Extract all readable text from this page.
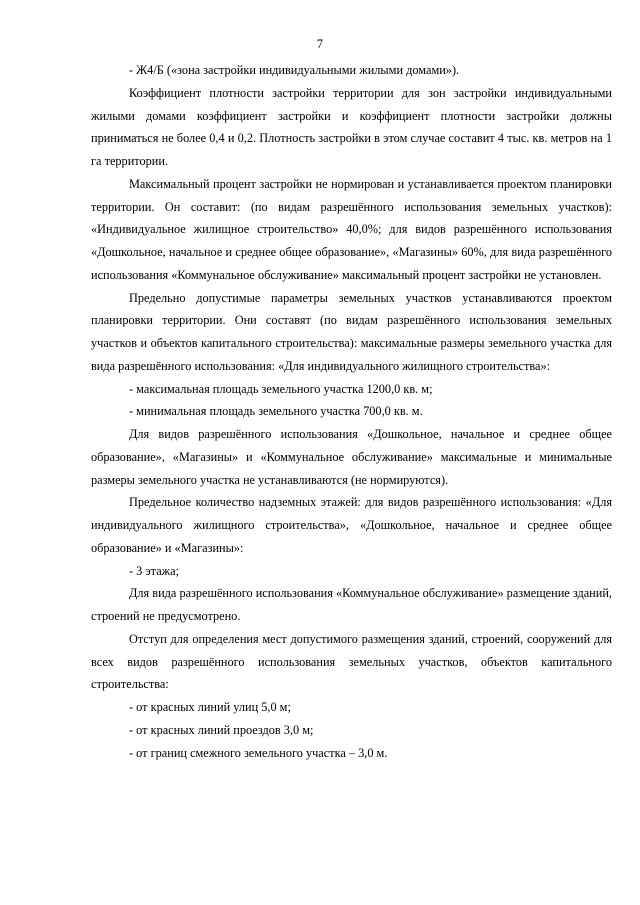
7

- Ж4/Б («зона застройки индивидуальными жилыми домами»).

Коэффициент плотности застройки территории для зон застройки индивидуальными жилыми домами коэффициент застройки и коэффициент плотности застройки должны приниматься не более 0,4 и 0,2. Плотность застройки в этом случае составит 4 тыс. кв. метров на 1 га территории.

Максимальный процент застройки не нормирован и устанавливается проектом планировки территории. Он составит: (по видам разрешённого использования земельных участков): «Индивидуальное жилищное строительство» 40,0%; для видов разрешённого использования «Дошкольное, начальное и среднее общее образование», «Магазины» 60%, для вида разрешённого использования «Коммунальное обслуживание» максимальный процент застройки не установлен.

Предельно допустимые параметры земельных участков устанавливаются проектом планировки территории. Они составят (по видам разрешённого использования земельных участков и объектов капитального строительства): максимальные размеры земельного участка для вида разрешённого использования: «Для индивидуального жилищного строительства»:

- максимальная площадь земельного участка 1200,0 кв. м;

- минимальная площадь земельного участка 700,0 кв. м.

Для видов разрешённого использования «Дошкольное, начальное и среднее общее образование», «Магазины» и «Коммунальное обслуживание» максимальные и минимальные размеры земельного участка не устанавливаются (не нормируются).

Предельное количество надземных этажей: для видов разрешённого использования: «Для индивидуального жилищного строительства», «Дошкольное, начальное и среднее общее образование» и «Магазины»:

- 3 этажа;

Для вида разрешённого использования «Коммунальное обслуживание» размещение зданий, строений не предусмотрено.

Отступ для определения мест допустимого размещения зданий, строений, сооружений для всех видов разрешённого использования земельных участков, объектов капитального строительства:

- от красных линий улиц 5,0 м;

- от красных линий проездов 3,0 м;

- от границ смежного земельного участка – 3,0 м.
